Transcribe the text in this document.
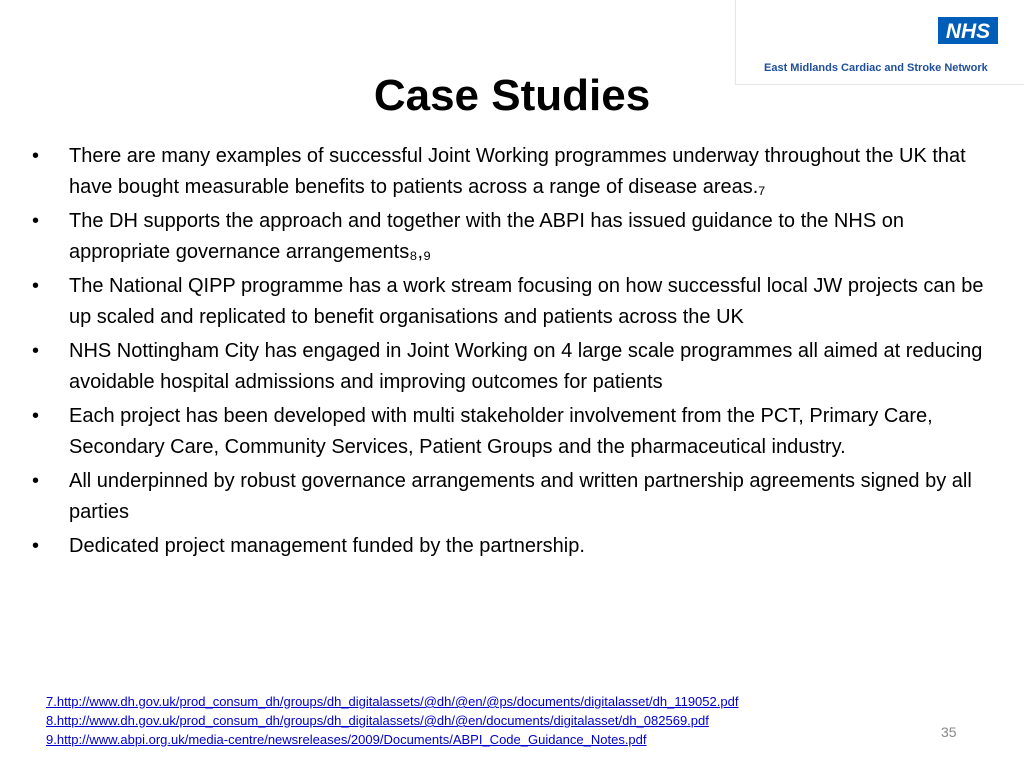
NHS
East Midlands Cardiac and Stroke Network
Case Studies
• There are many examples of successful Joint Working programmes underway throughout the UK that have bought measurable benefits to patients across a range of disease areas.₇
• The DH supports the approach and together with the ABPI has issued guidance to the NHS on appropriate governance arrangements₈,₉
• The National QIPP programme has a work stream focusing on how successful local JW projects can be up scaled and replicated to benefit organisations and patients across the UK
• NHS Nottingham City has engaged in Joint Working on 4 large scale programmes all aimed at reducing avoidable hospital admissions and improving outcomes for patients
• Each project has been developed with multi stakeholder involvement from the PCT, Primary Care, Secondary Care, Community Services, Patient Groups and the pharmaceutical industry.
• All underpinned by robust governance arrangements and written partnership agreements signed by all parties
• Dedicated project management funded by the partnership.
7.http://www.dh.gov.uk/prod_consum_dh/groups/dh_digitalassets/@dh/@en/@ps/documents/digitalasset/dh_119052.pdf
8.http://www.dh.gov.uk/prod_consum_dh/groups/dh_digitalassets/@dh/@en/documents/digitalasset/dh_082569.pdf
9.http://www.abpi.org.uk/media-centre/newsreleases/2009/Documents/ABPI_Code_Guidance_Notes.pdf	35
